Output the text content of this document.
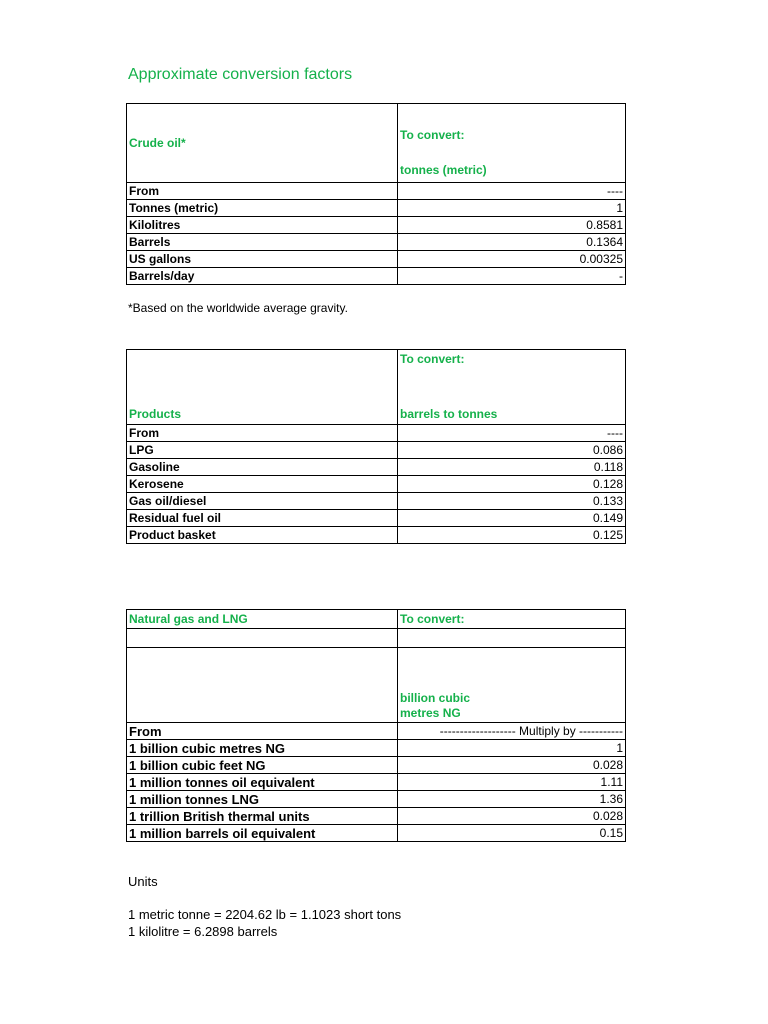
Approximate conversion factors
Crude oil*	To convert:
tonnes (metric)

From	----
Tonnes (metric)	1
Kilolitres	0.8581
Barrels	0.1364
US gallons	0.00325
Barrels/day	-
*Based on the worldwide average gravity.
Products	To convert:
barrels to tonnes

From	----
LPG	0.086
Gasoline	0.118
Kerosene	0.128
Gas oil/diesel	0.133
Residual fuel oil	0.149
Product basket	0.125
Natural gas and LNG	To convert:

	billion cubic
metres NG

From	------------------- Multiply by -----------
1 billion cubic metres NG	1
1 billion cubic feet NG	0.028
1 million tonnes oil equivalent	1.11
1 million tonnes LNG	1.36
1 trillion British thermal units	0.028
1 million barrels oil equivalent	0.15
Units
1 metric tonne = 2204.62 lb = 1.1023 short tons
1 kilolitre = 6.2898 barrels
